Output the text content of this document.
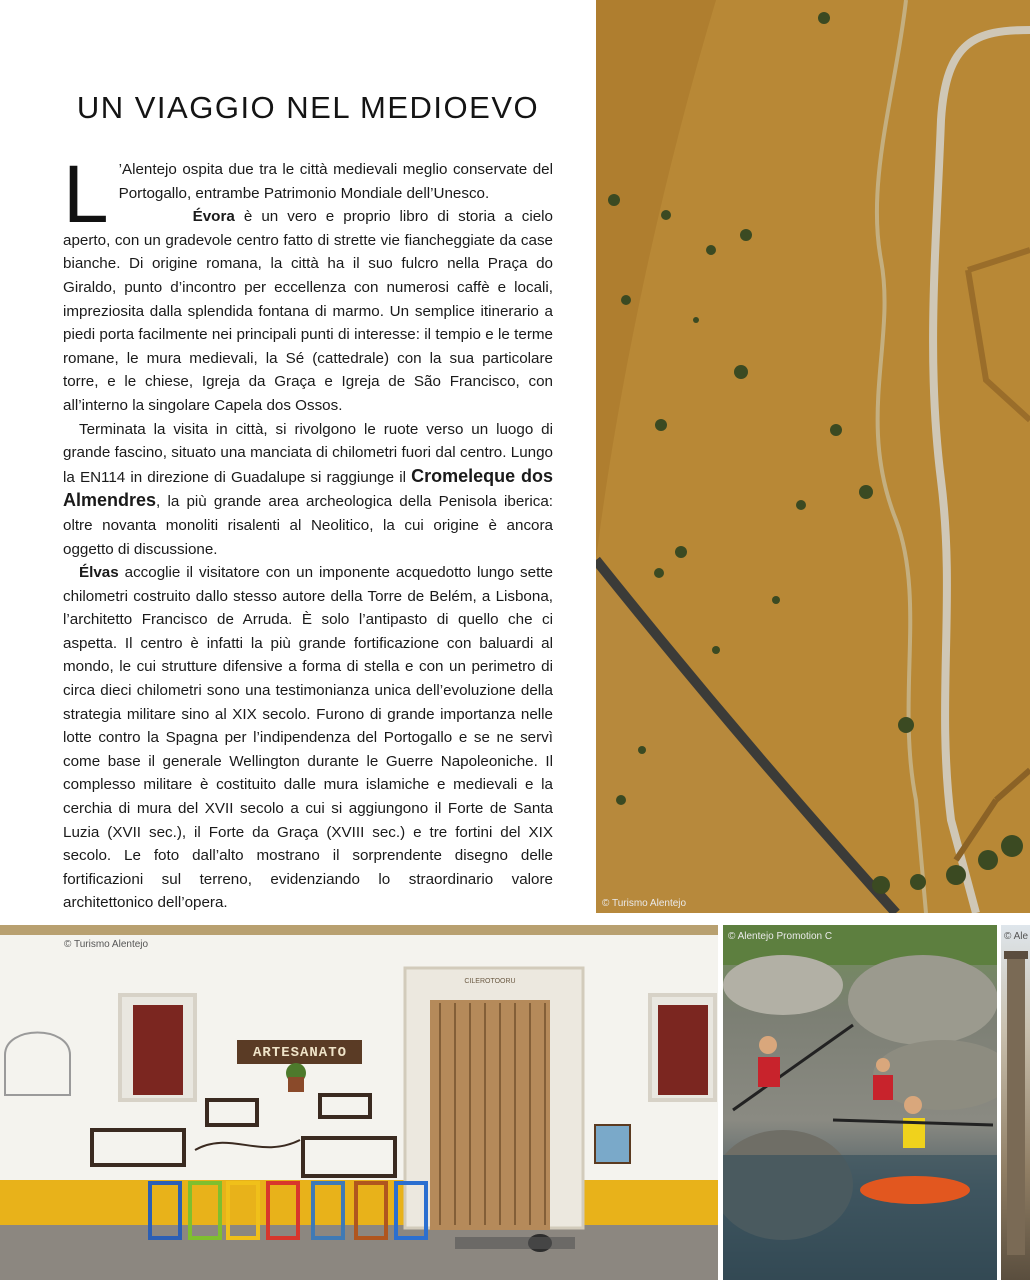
UN VIAGGIO NEL MEDIOEVO

L ’Alentejo ospita due tra le città medievali meglio conservate del Portogallo, entrambe Patrimonio Mondiale dell’Unesco.

Évora è un vero e proprio libro di storia a cielo aperto, con un gradevole centro fatto di strette vie fiancheggiate da case bianche. Di origine romana, la città ha il suo fulcro nella Praça do Giraldo, punto d’incontro per eccellenza con numerosi caffè e locali, impreziosita dalla splendida fontana di marmo. Un semplice itinerario a piedi porta facilmente nei principali punti di interesse: il tempio e le terme romane, le mura medievali, la Sé (cattedrale) con la sua particolare torre, e le chiese, Igreja da Graça e Igreja de São Francisco, con all’interno la singolare Capela dos Ossos.

Terminata la visita in città, si rivolgono le ruote verso un luogo di grande fascino, situato una manciata di chilometri fuori dal centro. Lungo la EN114 in direzione di Guadalupe si raggiunge il Cromeleque dos Almendres, la più grande area archeologica della Penisola iberica: oltre novanta monoliti risalenti al Neolitico, la cui origine è ancora oggetto di discussione.

Élvas accoglie il visitatore con un imponente acquedotto lungo sette chilometri costruito dallo stesso autore della Torre de Belém, a Lisbona, l’architetto Francisco de Arruda. È solo l’antipasto di quello che ci aspetta. Il centro è infatti la più grande fortificazione con baluardi al mondo, le cui strutture difensive a forma di stella e con un perimetro di circa dieci chilometri sono una testimonianza unica dell’evoluzione della strategia militare sino al XIX secolo. Furono di grande importanza nelle lotte contro la Spagna per l’indipendenza del Portogallo e se ne servì come base il generale Wellington durante le Guerre Napoleoniche. Il complesso militare è costituito dalle mura islamiche e medievali e la cerchia di mura del XVII secolo a cui si aggiungono il Forte de Santa Luzia (XVII sec.), il Forte da Graça (XVIII sec.) e tre fortini del XIX secolo. Le foto dall’alto mostrano il sorprendente disegno delle fortificazioni sul terreno, evidenziando lo straordinario valore architettonico dell’opera.	© Turismo Alentejo
© Turismo Alentejo
ARTESANATO
CILEROTOORU
© Alentejo Promotion C	© Ale
